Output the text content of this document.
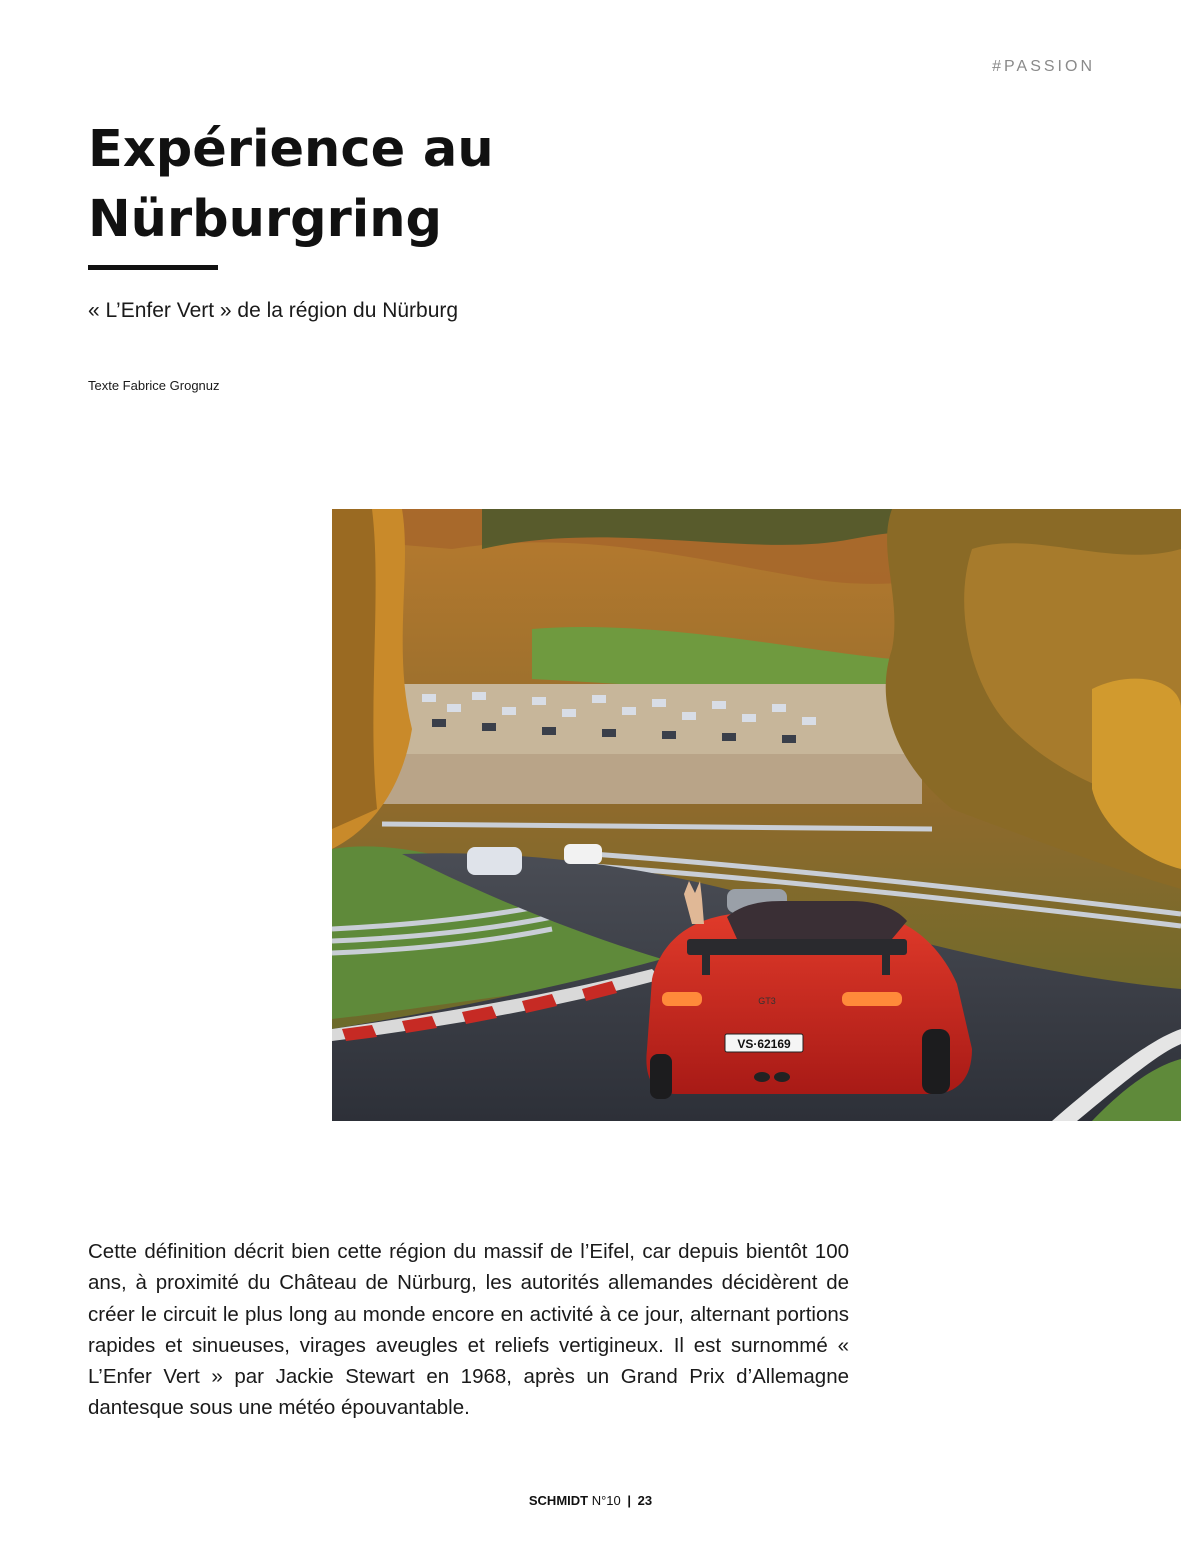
#PASSION
Expérience au
Nürburgring
« L’Enfer Vert » de la région du Nürburg
Texte Fabrice Grognuz
VS·62169
GT3

Cette définition décrit bien cette région du massif de l’Eifel, car depuis bientôt 100 ans, à proximité du Château de Nürburg, les autorités allemandes décidèrent de créer le circuit le plus long au monde encore en activité à ce jour, alternant portions rapides et sinueuses, virages aveugles et reliefs vertigineux. Il est surnommé « L’Enfer Vert » par Jackie Stewart en 1968, après un Grand Prix d’Allemagne dantesque sous une météo épouvantable.

SCHMIDT N°10 | 23
